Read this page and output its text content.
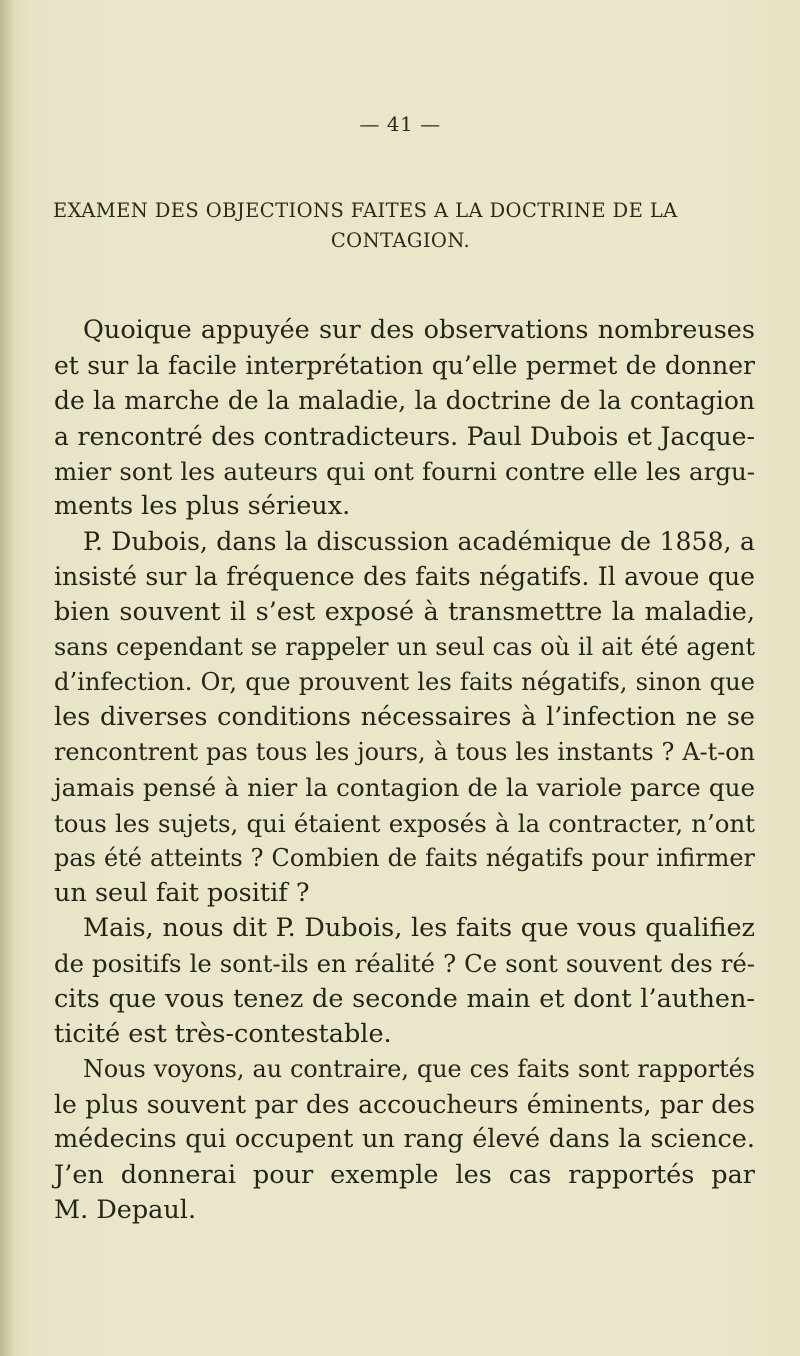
— 41 —
EXAMEN DES OBJECTIONS FAITES A LA DOCTRINE DE LA
CONTAGION.
Quoique appuyée sur des observations nombreuses
et sur la facile interprétation qu’elle permet de donner
de la marche de la maladie, la doctrine de la contagion
a rencontré des contradicteurs. Paul Dubois et Jacque-
mier sont les auteurs qui ont fourni contre elle les argu-
ments les plus sérieux.
P. Dubois, dans la discussion académique de 1858, a
insisté sur la fréquence des faits négatifs. Il avoue que
bien souvent il s’est exposé à transmettre la maladie,
sans cependant se rappeler un seul cas où il ait été agent
d’infection. Or, que prouvent les faits négatifs, sinon que
les diverses conditions nécessaires à l’infection ne se
rencontrent pas tous les jours, à tous les instants ? A-t-on
jamais pensé à nier la contagion de la variole parce que
tous les sujets, qui étaient exposés à la contracter, n’ont
pas été atteints ? Combien de faits négatifs pour infirmer
un seul fait positif ?
Mais, nous dit P. Dubois, les faits que vous qualifiez
de positifs le sont-ils en réalité ? Ce sont souvent des ré-
cits que vous tenez de seconde main et dont l’authen-
ticité est très-contestable.
Nous voyons, au contraire, que ces faits sont rapportés
le plus souvent par des accoucheurs éminents, par des
médecins qui occupent un rang élevé dans la science.
J’en donnerai pour exemple les cas rapportés par
M. Depaul.
